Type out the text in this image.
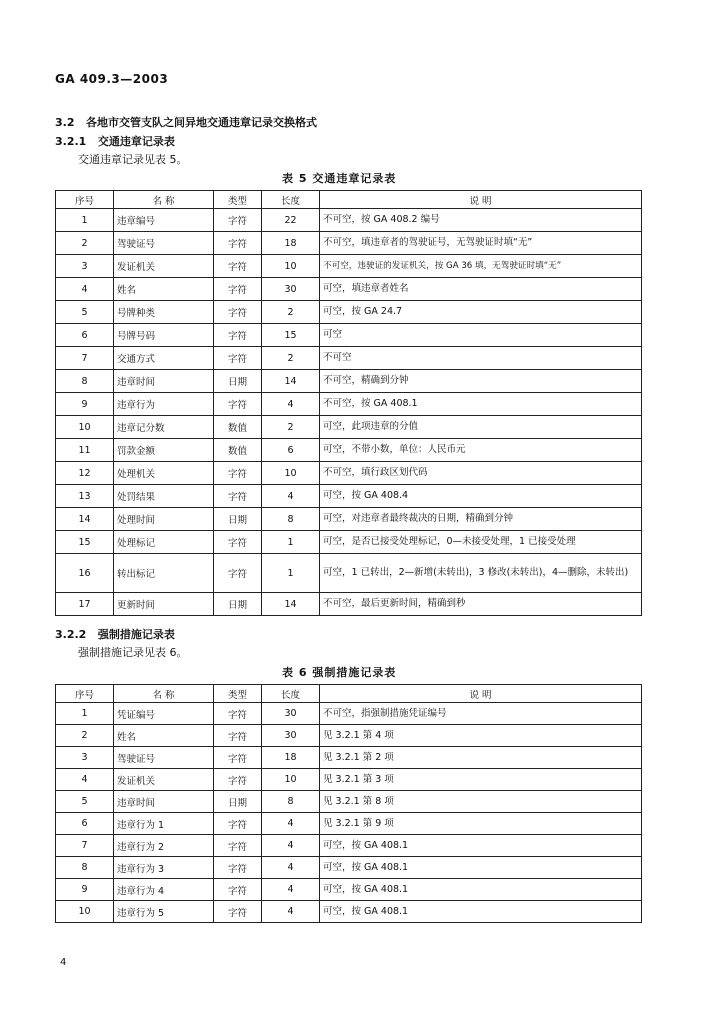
GA 409.3—2003
3.2 各地市交管支队之间异地交通违章记录交换格式
3.2.1 交通违章记录表
交通违章记录见表 5。
表 5 交通违章记录表
序号	名 称	类型	长度	说 明
1	违章编号	字符	22	不可空，按 GA 408.2 编号
2	驾驶证号	字符	18	不可空，填违章者的驾驶证号，无驾驶证时填“无”
3	发证机关	字符	10	不可空，违驶证的发证机关，按 GA 36 填，无驾驶证时填“无”
4	姓名	字符	30	可空，填违章者姓名
5	号牌种类	字符	2	可空，按 GA 24.7
6	号牌号码	字符	15	可空
7	交通方式	字符	2	不可空
8	违章时间	日期	14	不可空，精确到分钟
9	违章行为	字符	4	不可空，按 GA 408.1
10	违章记分数	数值	2	可空，此项违章的分值
11	罚款金额	数值	6	可空，不带小数，单位：人民币元
12	处理机关	字符	10	不可空，填行政区划代码
13	处罚结果	字符	4	可空，按 GA 408.4
14	处理时间	日期	8	可空，对违章者最终裁决的日期，精确到分钟
15	处理标记	字符	1	可空，是否已接受处理标记，0—未接受处理，1 已接受处理
16	转出标记	字符	1	可空，1 已转出，2—新增(未转出)，3 修改(未转出)，4—删除，未转出)
17	更新时间	日期	14	不可空，最后更新时间，精确到秒
3.2.2 强制措施记录表
强制措施记录见表 6。
表 6 强制措施记录表
序号	名 称	类型	长度	说 明
1	凭证编号	字符	30	不可空，指强制措施凭证编号
2	姓名	字符	30	见 3.2.1 第 4 项
3	驾驶证号	字符	18	见 3.2.1 第 2 项
4	发证机关	字符	10	见 3.2.1 第 3 项
5	违章时间	日期	8	见 3.2.1 第 8 项
6	违章行为 1	字符	4	见 3.2.1 第 9 项
7	违章行为 2	字符	4	可空，按 GA 408.1
8	违章行为 3	字符	4	可空，按 GA 408.1
9	违章行为 4	字符	4	可空，按 GA 408.1
10	违章行为 5	字符	4	可空，按 GA 408.1
4
